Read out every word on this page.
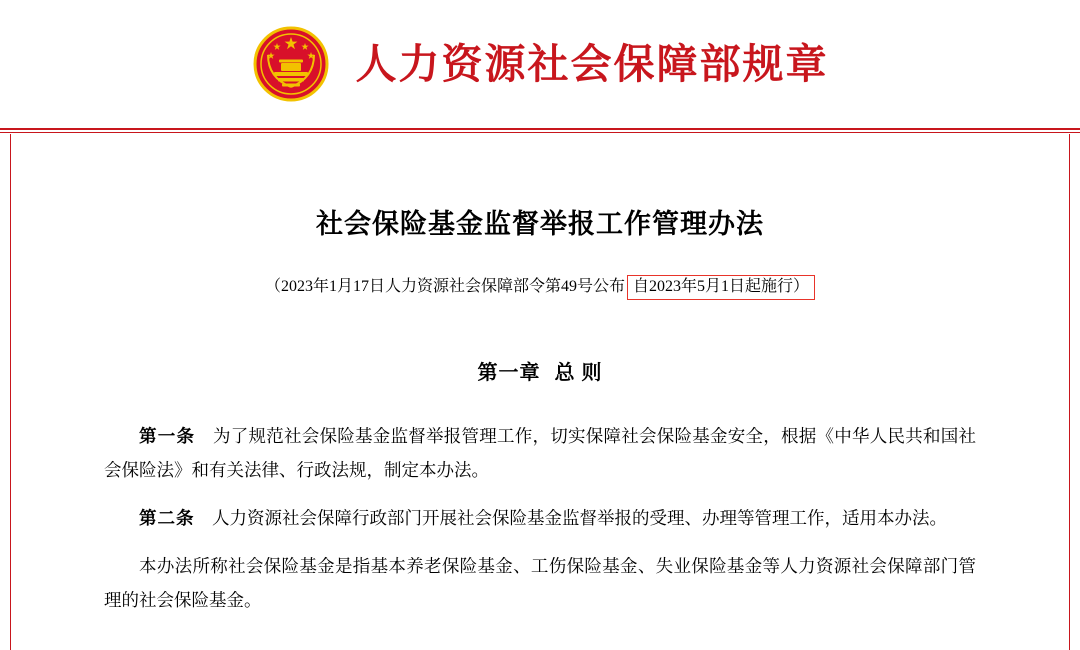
人力资源社会保障部规章
社会保险基金监督举报工作管理办法
（2023年1月17日人力资源社会保障部令第49号公布 自2023年5月1日起施行）
第一章 总 则

第一条　为了规范社会保险基金监督举报管理工作，切实保障社会保险基金安全，根据《中华人民共和国社会保险法》和有关法律、行政法规，制定本办法。

第二条　人力资源社会保障行政部门开展社会保险基金监督举报的受理、办理等管理工作，适用本办法。

本办法所称社会保险基金是指基本养老保险基金、工伤保险基金、失业保险基金等人力资源社会保障部门管理的社会保险基金。
